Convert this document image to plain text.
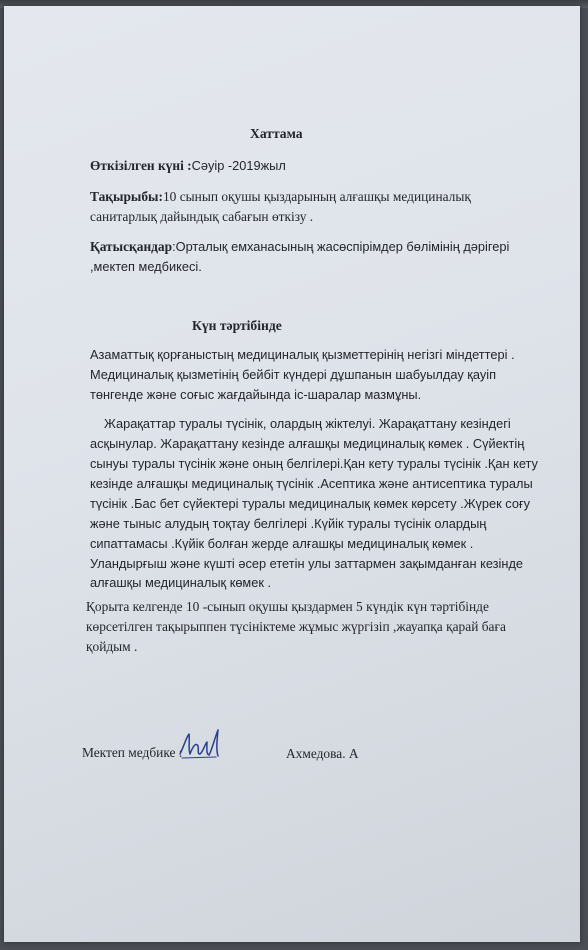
Хаттама
Өткізілген күні :Сәуір -2019жыл
Тақырыбы:10 сынып оқушы қыздарының алғашқы медициналық
санитарлық дайындық сабағын өткізу .
Қатысқандар:Орталық емханасының жасөспірімдер бөлімінің дәрігері
,мектеп медбикесі.
Күн тәртібінде
Азаматтық қорғаныстың медициналық қызметтерінің негізгі міндеттері .
Медициналық қызметінің бейбіт күндері дұшпанын шабуылдау қауіп
төнгенде және соғыс жағдайында іс-шаралар мазмұны.
Жарақаттар туралы түсінік, олардың жіктелуі. Жарақаттану кезіндегі
асқынулар. Жарақаттану кезінде алғашқы медициналық көмек . Сүйектің
сынуы туралы түсінік және оның белгілері.Қан кету туралы түсінік .Қан кету
кезінде алғашқы медициналық түсінік .Асептика және антисептика туралы
түсінік .Бас бет сүйектері туралы медициналық көмек көрсету .Жүрек соғу
және тыныс алудың тоқтау белгілері .Күйік туралы түсінік олардың
сипаттамасы .Күйік болған жерде алғашқы медициналық көмек .
Уландырғыш және күшті әсер ететін улы заттармен зақымданған кезінде
алғашқы медициналық көмек .
Қорыта келгенде 10 -сынып оқушы қыздармен 5 күндік күн тәртібінде
көрсетілген тақырыппен түсініктеме жұмыс жүргізіп ,жауапқа қарай баға
қойдым .
Мектеп медбике :	Ахмедова. А
